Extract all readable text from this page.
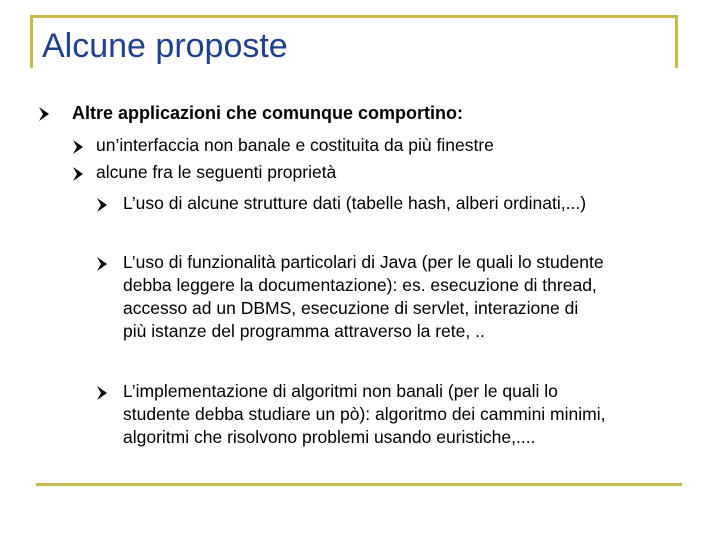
Alcune proposte
Altre applicazioni che comunque comportino:
un’interfaccia non banale e costituita da più finestre
alcune fra le seguenti proprietà
L’uso di alcune strutture dati (tabelle hash, alberi ordinati,...)
L’uso di funzionalità particolari di Java (per le quali lo studente
debba leggere la documentazione): es. esecuzione di thread,
accesso ad un DBMS, esecuzione di servlet, interazione di
più istanze del programma attraverso la rete, ..
L’implementazione di algoritmi non banali (per le quali lo
studente debba studiare un pò): algoritmo dei cammini minimi,
algoritmi che risolvono problemi usando euristiche,....
